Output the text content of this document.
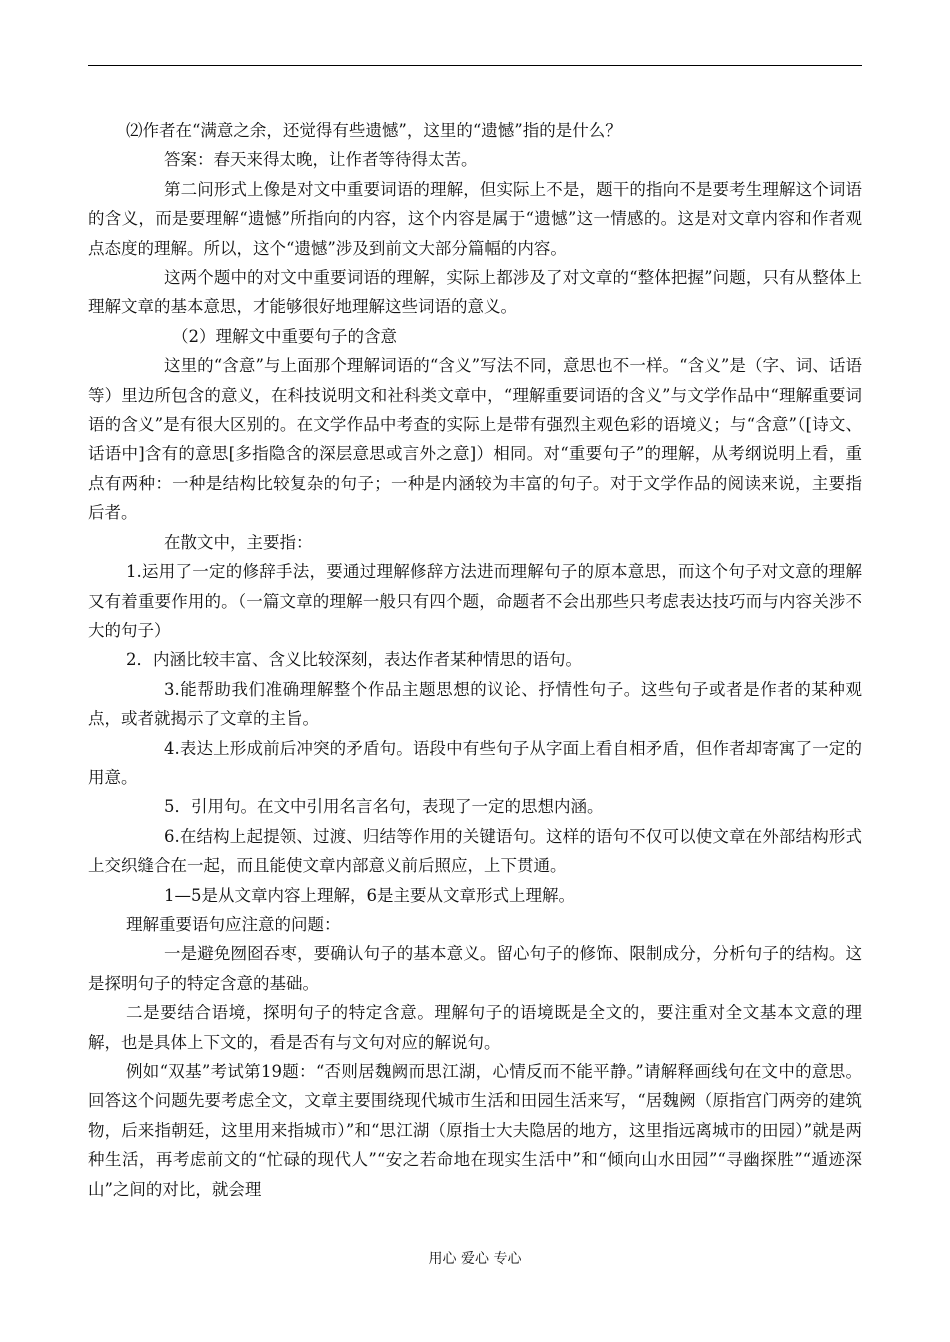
⑵作者在“满意之余，还觉得有些遗憾”，这里的“遗憾”指的是什么？

答案：春天来得太晚，让作者等待得太苦。

第二问形式上像是对文中重要词语的理解，但实际上不是，题干的指向不是要考生理解这个词语的含义，而是要理解“遗憾”所指向的内容，这个内容是属于“遗憾”这一情感的。这是对文章内容和作者观点态度的理解。所以，这个“遗憾”涉及到前文大部分篇幅的内容。

这两个题中的对文中重要词语的理解，实际上都涉及了对文章的“整体把握”问题，只有从整体上理解文章的基本意思，才能够很好地理解这些词语的意义。

（2）理解文中重要句子的含意

这里的“含意”与上面那个理解词语的“含义”写法不同，意思也不一样。“含义”是（字、词、话语等）里边所包含的意义，在科技说明文和社科类文章中，“理解重要词语的含义”与文学作品中“理解重要词语的含义”是有很大区别的。在文学作品中考查的实际上是带有强烈主观色彩的语境义；与“含意”（[诗文、话语中]含有的意思[多指隐含的深层意思或言外之意]）相同。对“重要句子”的理解，从考纲说明上看，重点有两种：一种是结构比较复杂的句子；一种是内涵较为丰富的句子。对于文学作品的阅读来说，主要指后者。

在散文中，主要指：

1.运用了一定的修辞手法，要通过理解修辞方法进而理解句子的原本意思，而这个句子对文意的理解又有着重要作用的。（一篇文章的理解一般只有四个题，命题者不会出那些只考虑表达技巧而与内容关涉不大的句子）

2．内涵比较丰富、含义比较深刻，表达作者某种情思的语句。

3.能帮助我们准确理解整个作品主题思想的议论、抒情性句子。这些句子或者是作者的某种观点，或者就揭示了文章的主旨。

4.表达上形成前后冲突的矛盾句。语段中有些句子从字面上看自相矛盾，但作者却寄寓了一定的用意。

5．引用句。在文中引用名言名句，表现了一定的思想内涵。

6.在结构上起提领、过渡、归结等作用的关键语句。这样的语句不仅可以使文章在外部结构形式上交织缝合在一起，而且能使文章内部意义前后照应，上下贯通。

1—5是从文章内容上理解，6是主要从文章形式上理解。

理解重要语句应注意的问题：

一是避免囫囵吞枣，要确认句子的基本意义。留心句子的修饰、限制成分，分析句子的结构。这是探明句子的特定含意的基础。

二是要结合语境，探明句子的特定含意。理解句子的语境既是全文的，要注重对全文基本文意的理解，也是具体上下文的，看是否有与文句对应的解说句。

例如“双基”考试第19题：“否则居魏阙而思江湖，心情反而不能平静。”请解释画线句在文中的意思。回答这个问题先要考虑全文，文章主要围绕现代城市生活和田园生活来写，“居魏阙（原指宫门两旁的建筑物，后来指朝廷，这里用来指城市）”和“思江湖（原指士大夫隐居的地方，这里指远离城市的田园）”就是两种生活，再考虑前文的“忙碌的现代人”“安之若命地在现实生活中”和“倾向山水田园”“寻幽探胜”“遁迹深山”之间的对比，就会理

用心 爱心 专心
